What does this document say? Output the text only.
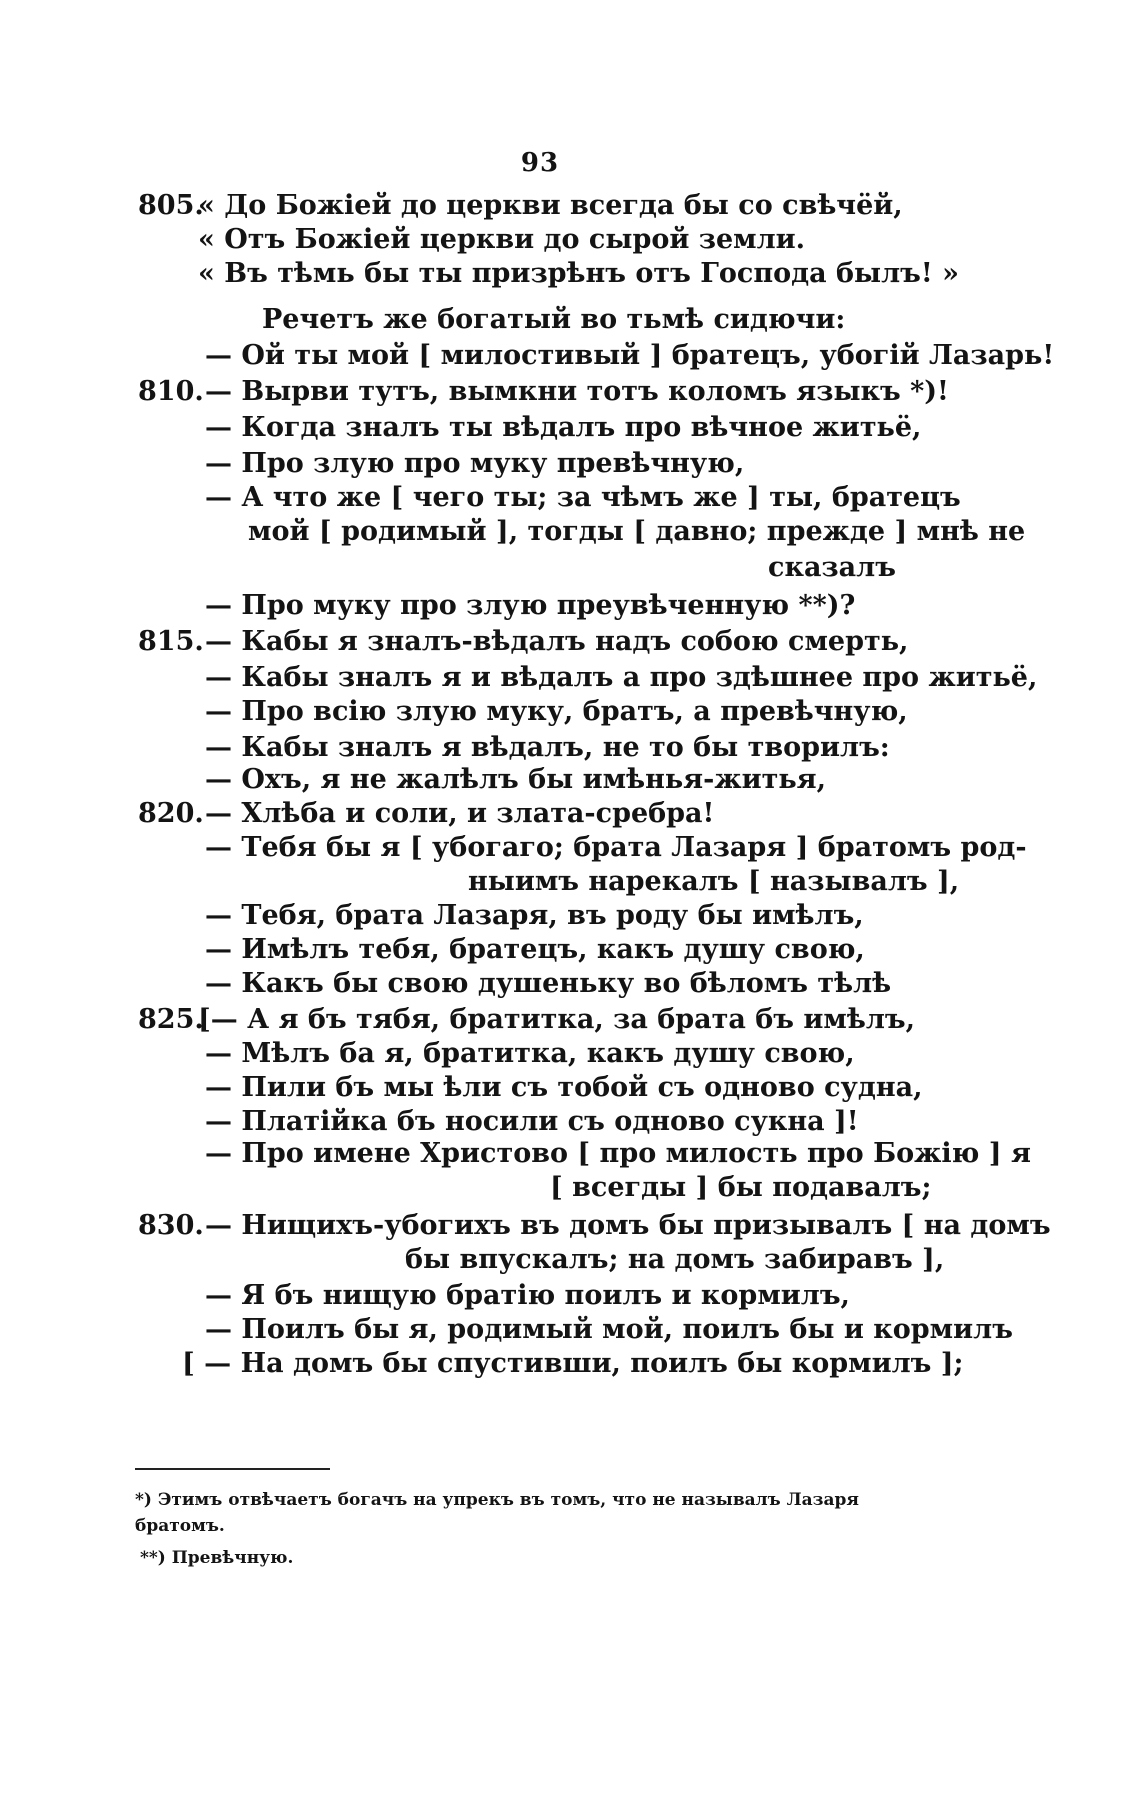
93
805.
« До Божіей до церкви всегда бы со свѣчёй,
« Отъ Божіей церкви до сырой земли.
« Въ тѣмь бы ты призрѣнъ отъ Господа былъ! »
Речетъ же богатый во тьмѣ сидючи:
— Ой ты мой [ милостивый ] братецъ, убогій Лазарь!
810. — Вырви тутъ, вымкни тотъ коломъ языкъ *)!
— Когда зналъ ты вѣдалъ про вѣчное житьё,
— Про злую про муку превѣчную,
— А что же [ чего ты; за чѣмъ же ] ты, братецъ
мой [ родимый ], тогды [ давно; прежде ] мнѣ не
сказалъ
— Про муку про злую преувѣченную **)?
815. — Кабы я зналъ-вѣдалъ надъ собою смерть,
— Кабы зналъ я и вѣдалъ а про здѣшнее про житьё,
— Про всію злую муку, братъ, а превѣчную,
— Кабы зналъ я вѣдалъ, не то бы творилъ:
— Охъ, я не жалѣлъ бы имѣнья-житья,
820. — Хлѣба и соли, и злата-сребра!
— Тебя бы я [ убогаго; брата Лазаря ] братомъ род-
ныимъ нарекалъ [ называлъ ],
— Тебя, брата Лазаря, въ роду бы имѣлъ,
— Имѣлъ тебя, братецъ, какъ душу свою,
— Какъ бы свою душеньку во бѣломъ тѣлѣ
825.
[— А я бъ тябя, братитка, за брата бъ имѣлъ,
— Мѣлъ ба я, братитка, какъ душу свою,
— Пили бъ мы ѣли съ тобой съ одново судна,
— Платійка бъ носили съ одново сукна ]!
— Про имене Христово [ про милость про Божію ] я
[ всегды ] бы подавалъ;
830. — Нищихъ-убогихъ въ домъ бы призывалъ [ на домъ
бы впускалъ; на домъ забиравъ ],
— Я бъ нищую братію поилъ и кормилъ,
— Поилъ бы я, родимый мой, поилъ бы и кормилъ
[ — На домъ бы спустивши, поилъ бы кормилъ ];
*) Этимъ отвѣчаетъ богачъ на упрекъ въ томъ, что не называлъ Лазаря
братомъ.
**) Превѣчную.
